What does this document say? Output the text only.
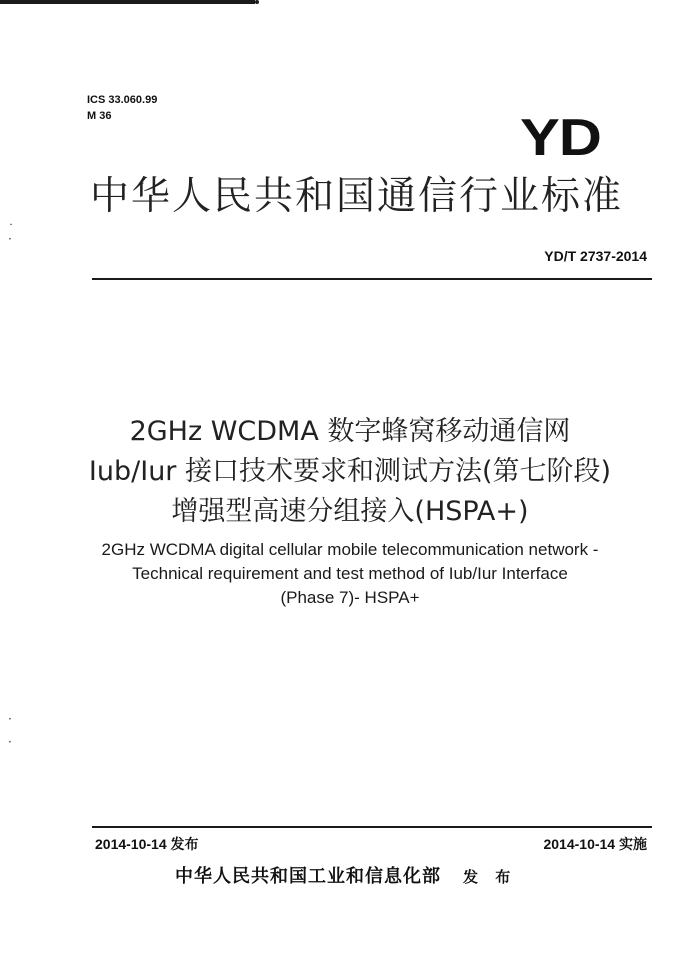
ICS 33.060.99
M 36	YD
中华人民共和国通信行业标准
YD/T 2737-2014
˙
·
·
·
2GHz WCDMA 数字蜂窝移动通信网
Iub/Iur 接口技术要求和测试方法(第七阶段)
增强型高速分组接入(HSPA+)
2GHz WCDMA digital cellular mobile telecommunication network -
Technical requirement and test method of Iub/Iur Interface
(Phase 7)- HSPA+
2014-10-14 发布	2014-10-14 实施
中华人民共和国工业和信息化部 发 布
